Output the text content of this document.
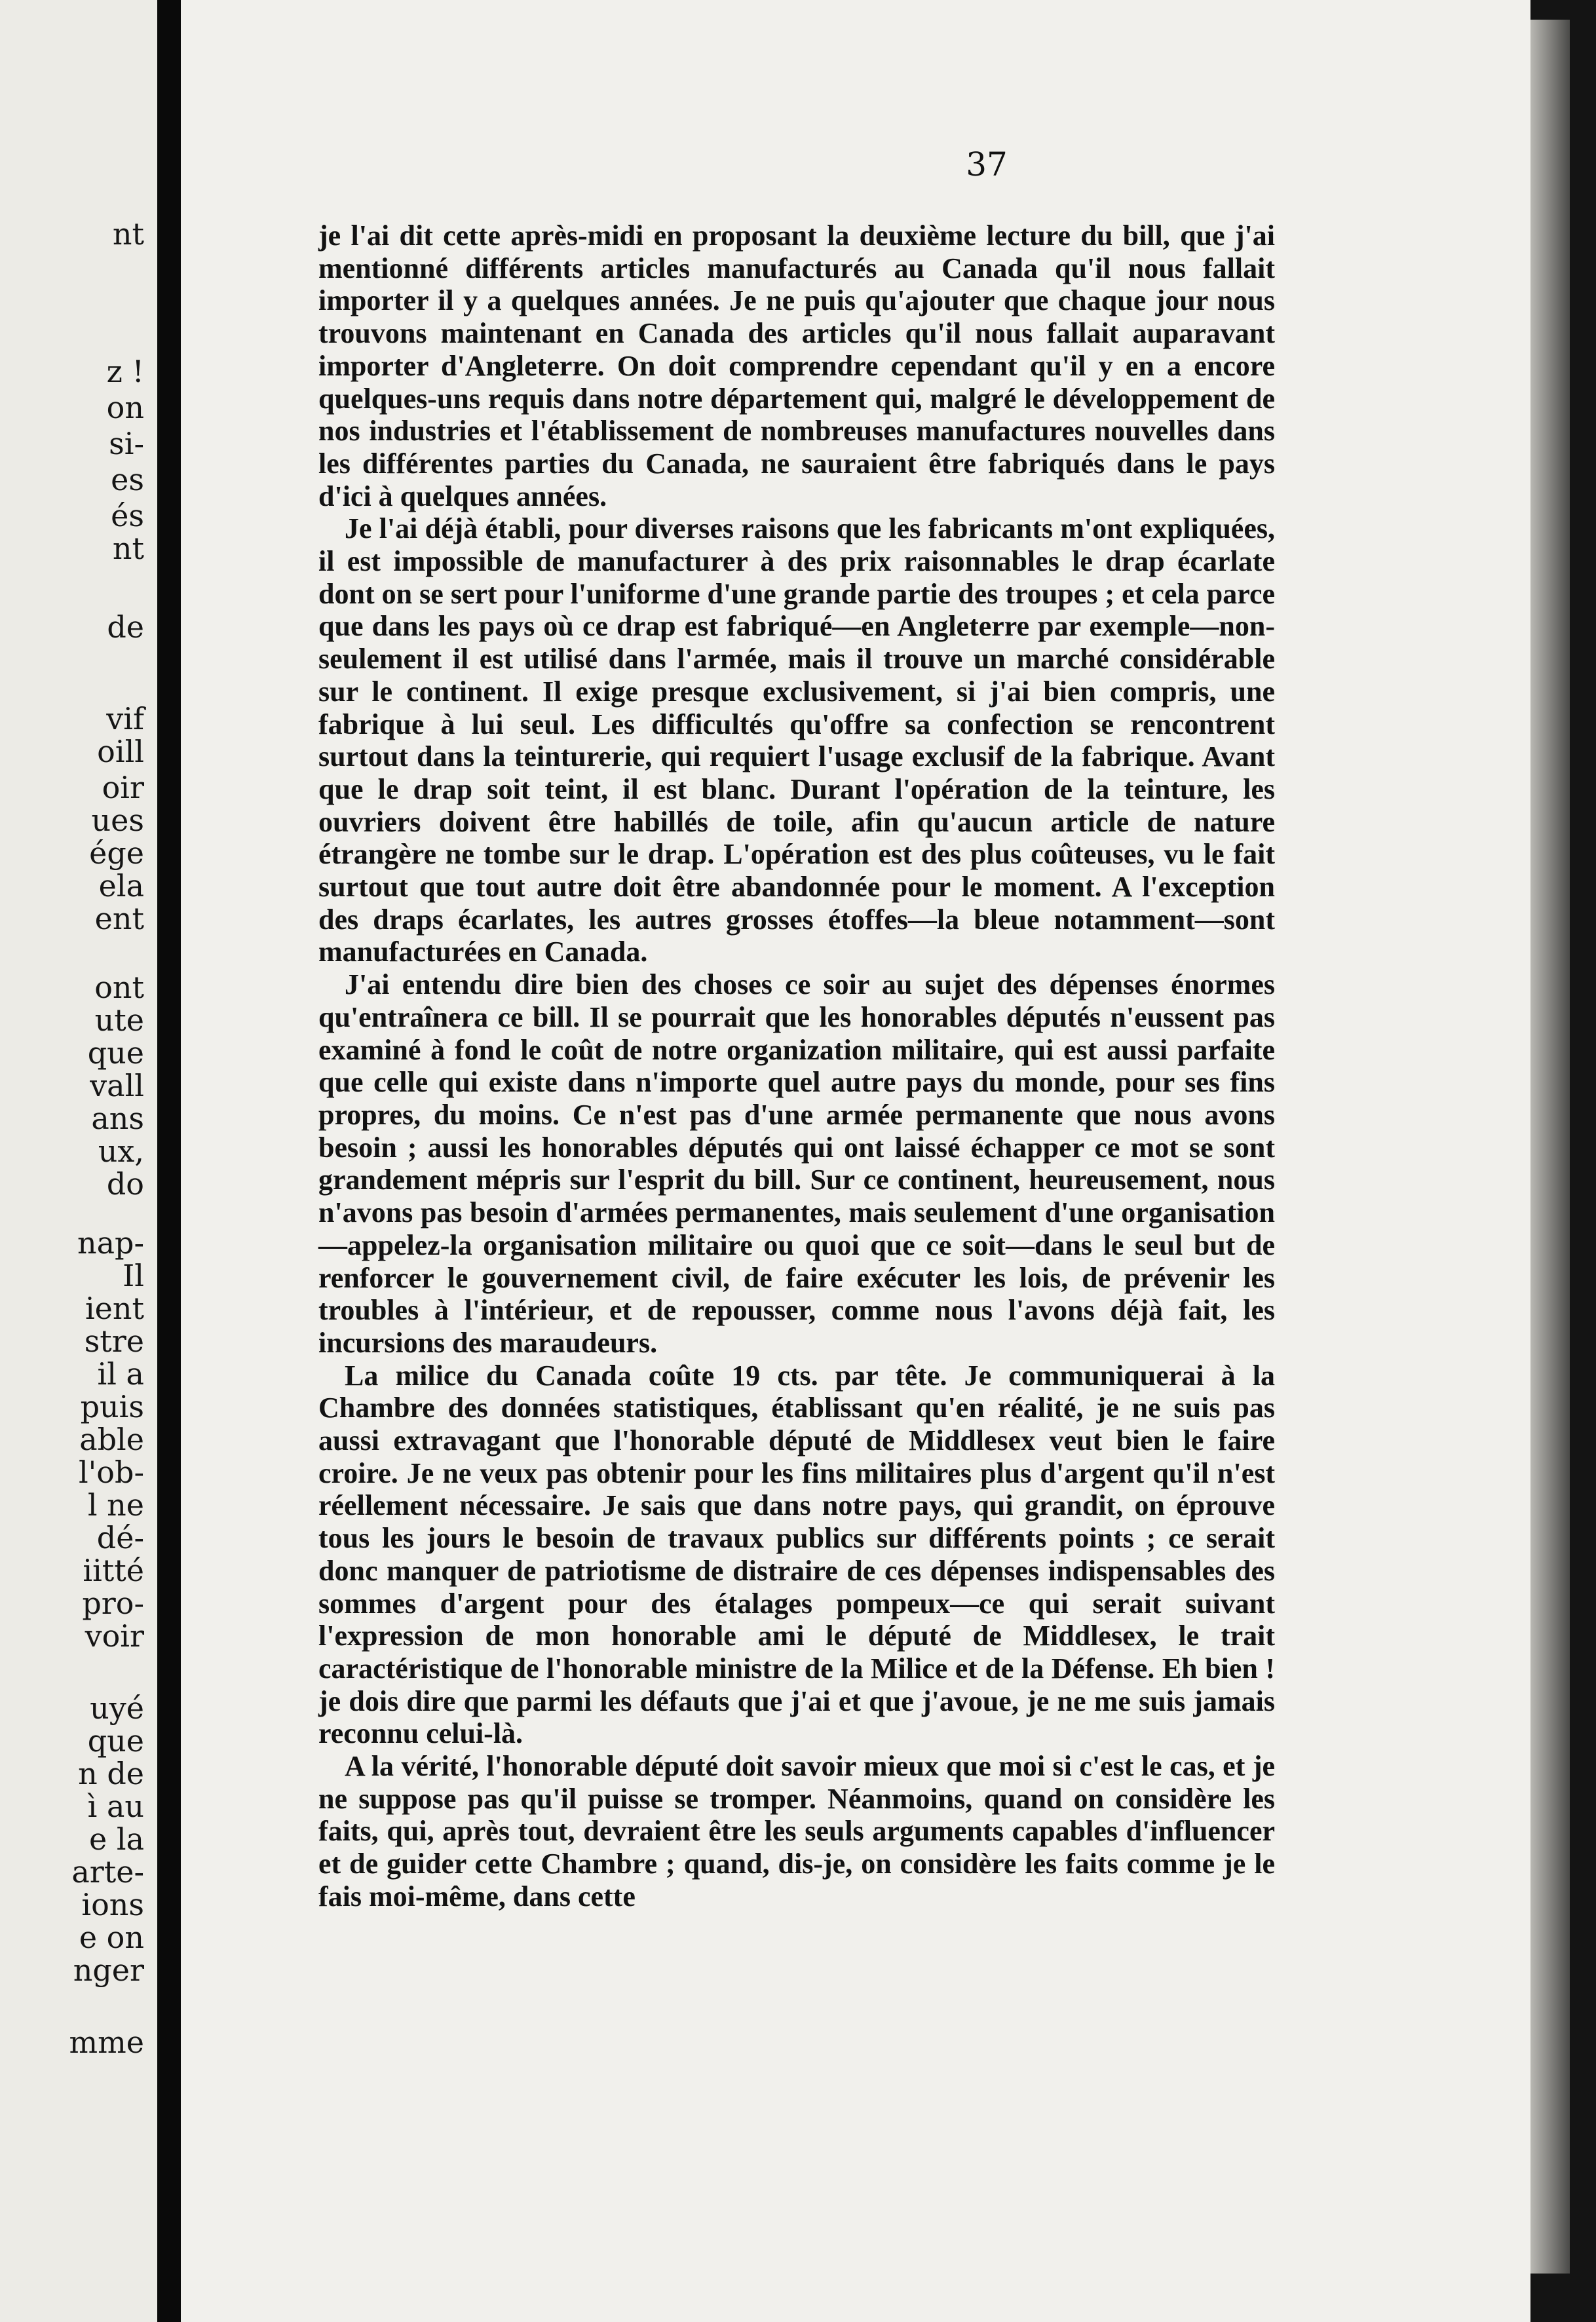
nt
z !
on
si-
es
és
nt
de
vif
oill
oir
ues
ége
ela
ent
ont
ute
que
vall
ans
ux,
do
nap-
Il
ient
stre
il a
puis
able
l'ob-
l ne
dé-
iitté
pro-
voir
uyé
que
n de
ì au
e la
arte-
ions
e on
nger
mme
37

je l'ai dit cette après-midi en proposant la deuxième lecture du bill, que j'ai mentionné différents articles manufacturés au Canada qu'il nous fallait importer il y a quelques années. Je ne puis qu'ajouter que chaque jour nous trouvons maintenant en Canada des articles qu'il nous fallait auparavant importer d'Angleterre. On doit comprendre cependant qu'il y en a encore quelques-uns requis dans notre département qui, malgré le développement de nos industries et l'établissement de nombreuses manufactures nouvelles dans les différentes parties du Canada, ne sauraient être fabriqués dans le pays d'ici à quelques années.

Je l'ai déjà établi, pour diverses raisons que les fabricants m'ont expliquées, il est impossible de manufacturer à des prix raisonnables le drap écarlate dont on se sert pour l'uniforme d'une grande partie des troupes ; et cela parce que dans les pays où ce drap est fabriqué—en Angleterre par exemple—non-seulement il est utilisé dans l'armée, mais il trouve un marché considérable sur le continent. Il exige presque exclusivement, si j'ai bien compris, une fabrique à lui seul. Les difficultés qu'offre sa confection se rencontrent surtout dans la teinturerie, qui requiert l'usage exclusif de la fabrique. Avant que le drap soit teint, il est blanc. Durant l'opération de la teinture, les ouvriers doivent être habillés de toile, afin qu'aucun article de nature étrangère ne tombe sur le drap. L'opération est des plus coûteuses, vu le fait surtout que tout autre doit être abandonnée pour le moment. A l'exception des draps écarlates, les autres grosses étoffes—la bleue notamment—sont manufacturées en Canada.

J'ai entendu dire bien des choses ce soir au sujet des dépenses énormes qu'entraînera ce bill. Il se pourrait que les honorables députés n'eussent pas examiné à fond le coût de notre organization militaire, qui est aussi parfaite que celle qui existe dans n'importe quel autre pays du monde, pour ses fins propres, du moins. Ce n'est pas d'une armée permanente que nous avons besoin ; aussi les honorables députés qui ont laissé échapper ce mot se sont grandement mépris sur l'esprit du bill. Sur ce continent, heureusement, nous n'avons pas besoin d'armées permanentes, mais seulement d'une organisation—appelez-la organisation militaire ou quoi que ce soit—dans le seul but de renforcer le gouvernement civil, de faire exécuter les lois, de prévenir les troubles à l'intérieur, et de repousser, comme nous l'avons déjà fait, les incursions des maraudeurs.

La milice du Canada coûte 19 cts. par tête. Je communiquerai à la Chambre des données statistiques, établissant qu'en réalité, je ne suis pas aussi extravagant que l'honorable député de Middlesex veut bien le faire croire. Je ne veux pas obtenir pour les fins militaires plus d'argent qu'il n'est réellement nécessaire. Je sais que dans notre pays, qui grandit, on éprouve tous les jours le besoin de travaux publics sur différents points ; ce serait donc manquer de patriotisme de distraire de ces dépenses indispensables des sommes d'argent pour des étalages pompeux—ce qui serait suivant l'expression de mon honorable ami le député de Middlesex, le trait caractéristique de l'honorable ministre de la Milice et de la Défense. Eh bien ! je dois dire que parmi les défauts que j'ai et que j'avoue, je ne me suis jamais reconnu celui-là.

A la vérité, l'honorable député doit savoir mieux que moi si c'est le cas, et je ne suppose pas qu'il puisse se tromper. Néanmoins, quand on considère les faits, qui, après tout, devraient être les seuls arguments capables d'influencer et de guider cette Chambre ; quand, dis-je, on considère les faits comme je le fais moi-même, dans cette
